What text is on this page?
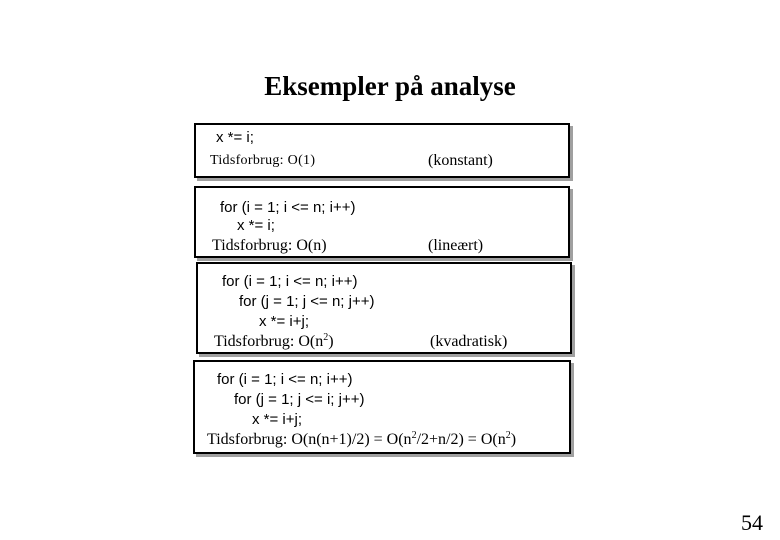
Eksempler på analyse
x *= i;
Tidsforbrug: O(1)	(konstant)
for (i = 1; i <= n; i++)
x *= i;
Tidsforbrug: O(n)	(lineært)
for (i = 1; i <= n; i++)
for (j = 1; j <= n; j++)
x *= i+j;
Tidsforbrug: $O(n^2)$	(kvadratisk)
for (i = 1; i <= n; i++)
for (j = 1; j <= i; j++)
x *= i+j;
Tidsforbrug: $O(n(n+1)/2) = O(n^2/2+n/2) = O(n^2)$
54
